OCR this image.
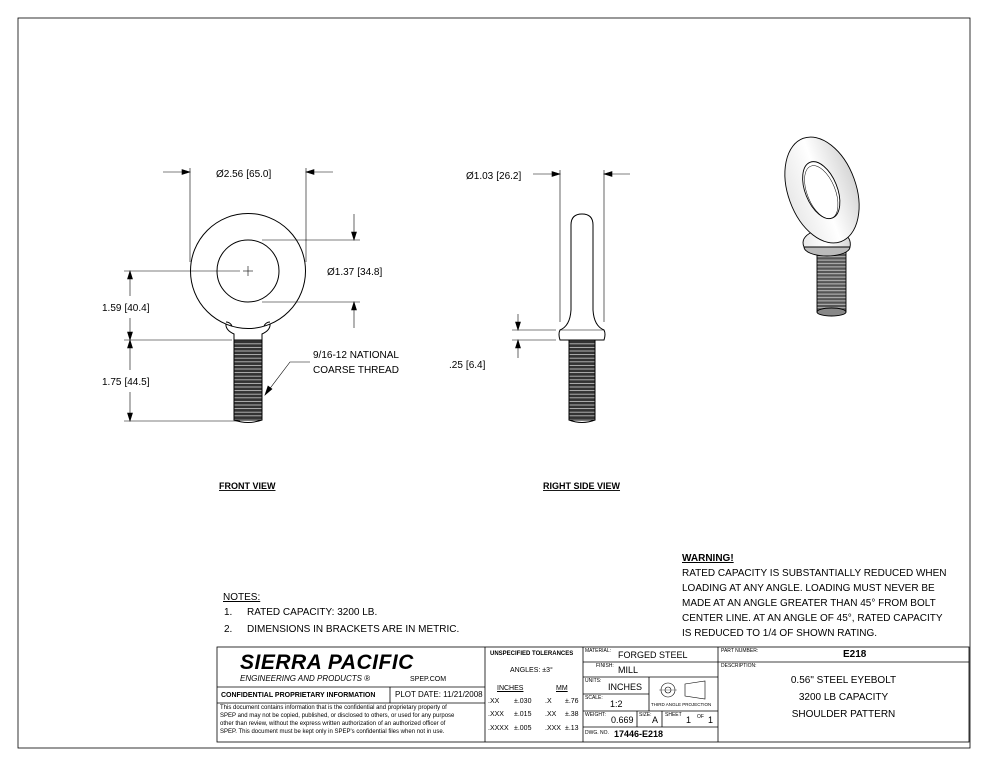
Ø2.56 [65.0]
Ø1.37 [34.8]
1.59 [40.4]
1.75 [44.5]
9/16-12 NATIONAL
COARSE THREAD
FRONT VIEW
Ø1.03 [26.2]
.25 [6.4]
RIGHT SIDE VIEW
NOTES:
1. RATED CAPACITY: 3200 LB.
2. DIMENSIONS IN BRACKETS ARE IN METRIC.
WARNING!
RATED CAPACITY IS SUBSTANTIALLY REDUCED WHEN
LOADING AT ANY ANGLE. LOADING MUST NEVER BE
MADE AT AN ANGLE GREATER THAN 45° FROM BOLT
CENTER LINE. AT AN ANGLE OF 45°, RATED CAPACITY
IS REDUCED TO 1/4 OF SHOWN RATING.
SIERRA PACIFIC
ENGINEERING AND PRODUCTS ®	SPEP.COM
CONFIDENTIAL PROPRIETARY INFORMATION PLOT DATE: 11/21/2008
This document contains information that is the confidential and proprietary property of
SPEP and may not be copied, published, or disclosed to others, or used for any purpose
other than review, without the express written authorization of an authorized officer of
SPEP. This document must be kept only in SPEP's confidential files when not in use.
UNSPECIFIED TOLERANCES
ANGLES: ±3°
INCHES	MM
.XX ±.030 .X ±.76
.XXX ±.015 .XX ±.38
.XXXX ±.005 .XXX ±.13
MATERIAL: FORGED STEEL
FINISH: MILL
UNITS:
INCHES
SCALE:
1:2	THIRD ANGLE PROJECTION
WEIGHT: 0.669 SIZE: A SHEET 1 OF 1
DWG. NO. 17446-E218
PART NUMBER:	E218
DESCRIPTION:
0.56" STEEL EYEBOLT
3200 LB CAPACITY
SHOULDER PATTERN
